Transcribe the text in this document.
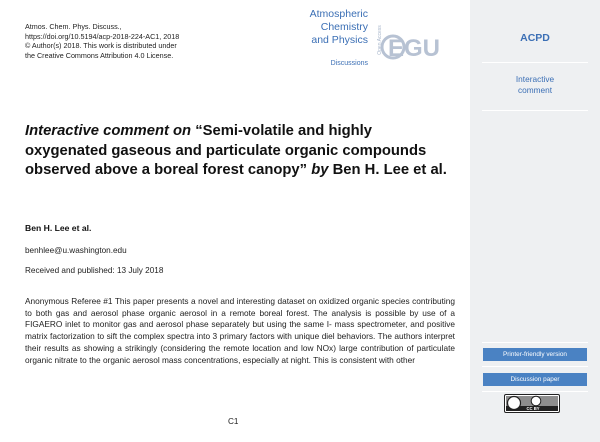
Atmos. Chem. Phys. Discuss.,
https://doi.org/10.5194/acp-2018-224-AC1, 2018
© Author(s) 2018. This work is distributed under
the Creative Commons Attribution 4.0 License.
Atmospheric
Chemistry
and Physics
Discussions
Open Access EGU
Interactive comment on “Semi-volatile and highly oxygenated gaseous and particulate organic compounds observed above a boreal forest canopy” by Ben H. Lee et al.
Ben H. Lee et al.
benhlee@u.washington.edu
Received and published: 13 July 2018
Anonymous Referee #1 This paper presents a novel and interesting dataset on oxidized organic species contributing to both gas and aerosol phase organic aerosol in a remote boreal forest. The analysis is possible by use of a FIGAERO inlet to monitor gas and aerosol phase separately but using the same I- mass spectrometer, and positive matrix factorization to sift the complex spectra into 3 primary factors with unique diel behaviors. The authors interpret their results as showing a strikingly (considering the remote location and low NOx) large contribution of particulate organic nitrate to the organic aerosol mass concentrations, especially at night. This is consistent with other
C1
ACPD
Interactive
comment
Printer-friendly version
Discussion paper
CC BY
